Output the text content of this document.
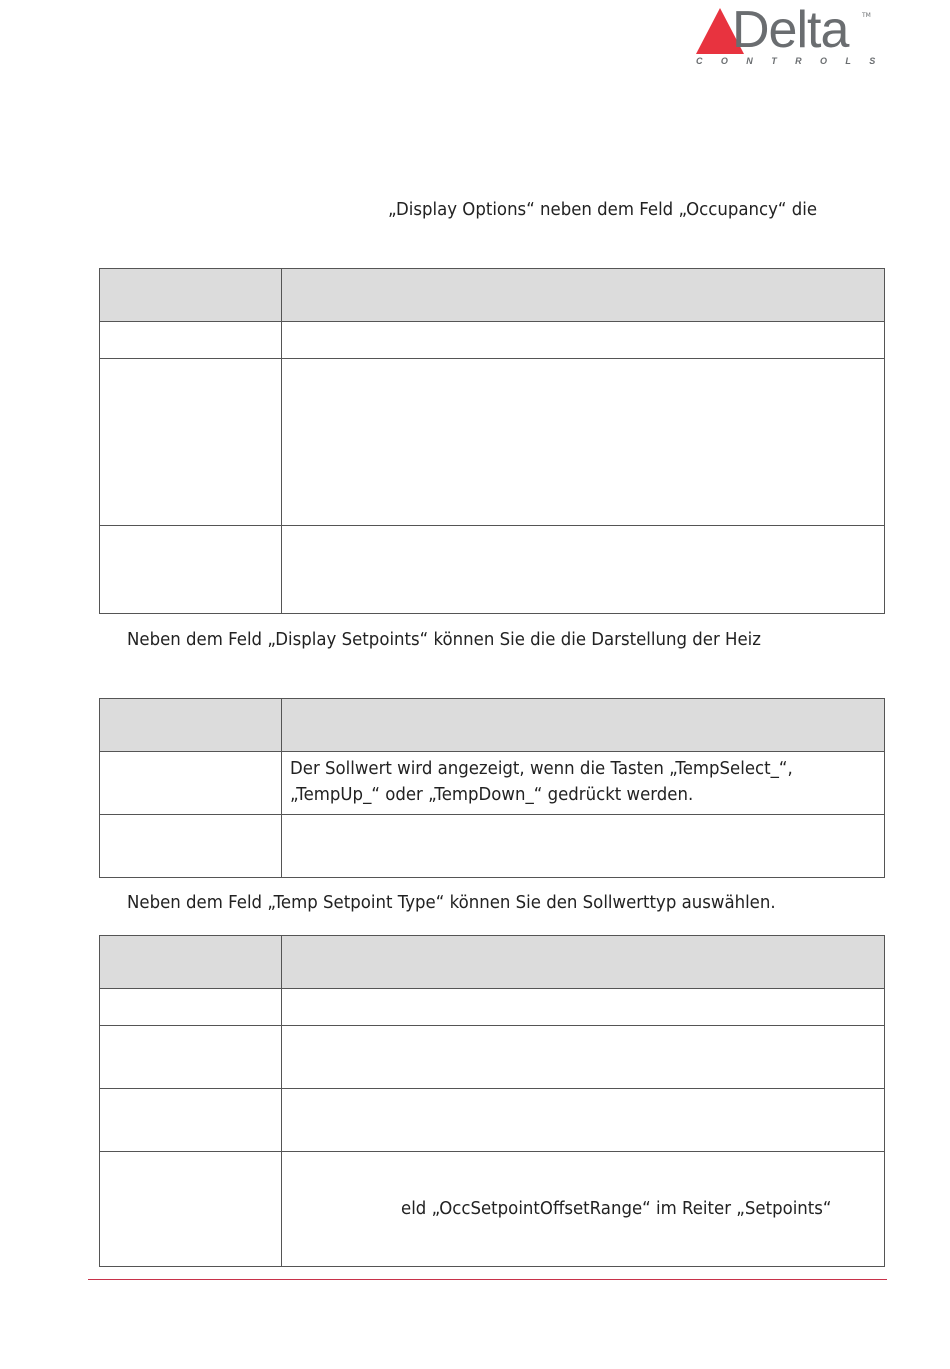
Delta TM
CONTROLS
„Display Options“ neben dem Feld „Occupancy“ die

Neben dem Feld „Display Setpoints“ können Sie die die Darstellung der Heiz

	Der Sollwert wird angezeigt, wenn die Tasten „TempSelect_“,
„TempUp_“ oder „TempDown_“ gedrückt werden.

Neben dem Feld „Temp Setpoint Type“ können Sie den Sollwerttyp auswählen.

	eld „OccSetpointOffsetRange“ im Reiter „Setpoints“
